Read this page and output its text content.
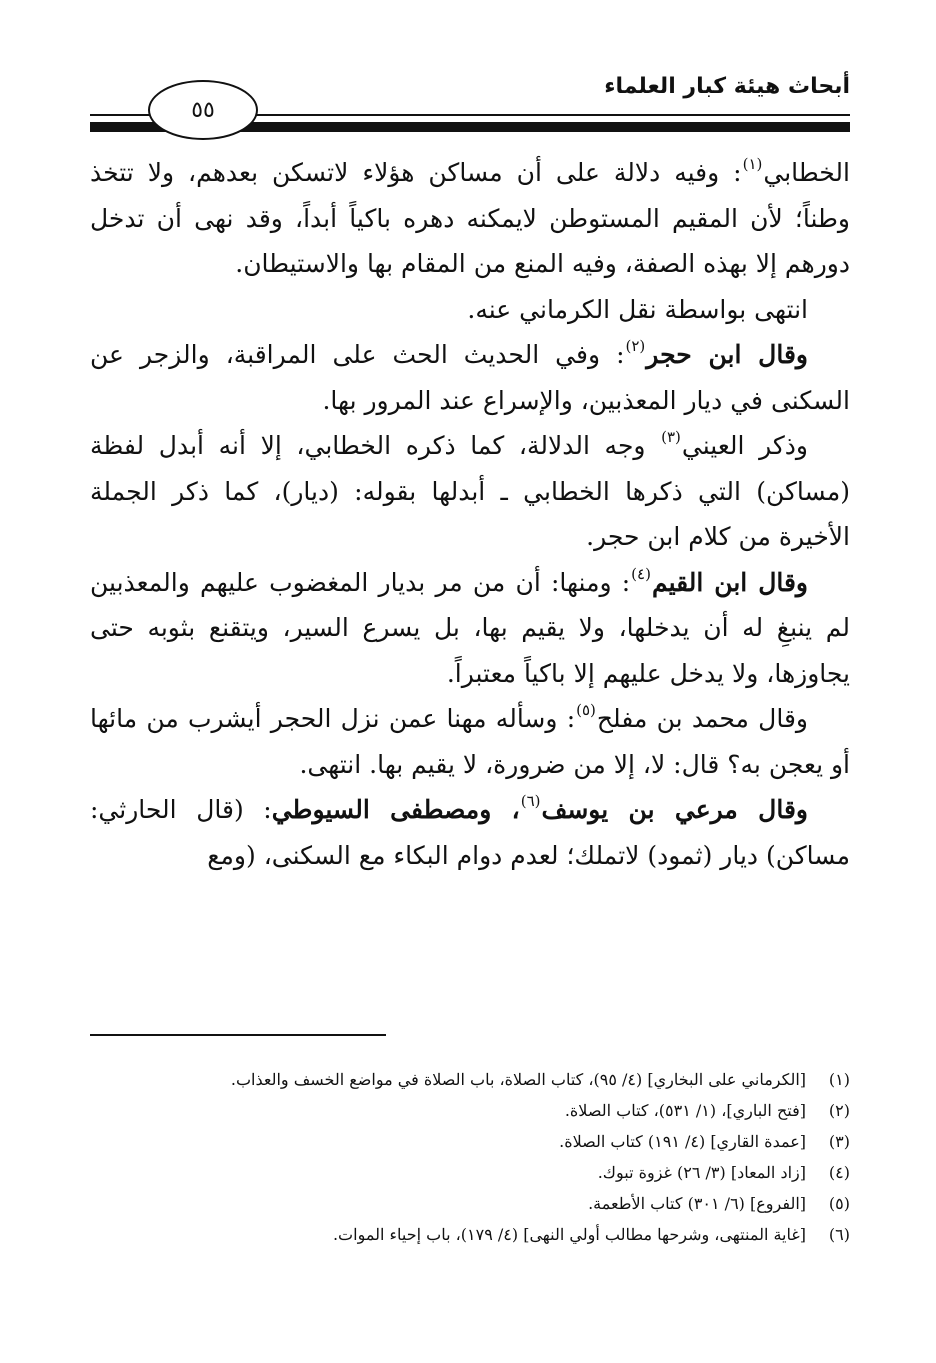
أبحاث هيئة كبار العلماء
٥٥

الخطابي$^{(١)}$: وفيه دلالة على أن مساكن هؤلاء لاتسكن بعدهم، ولا تتخذ وطناً؛ لأن المقيم المستوطن لايمكنه دهره باكياً أبداً، وقد نهى أن تدخل دورهم إلا بهذه الصفة، وفيه المنع من المقام بها والاستيطان.

انتهى بواسطة نقل الكرماني عنه.

وقال ابن حجر$^{(٢)}$: وفي الحديث الحث على المراقبة، والزجر عن السكنى في ديار المعذبين، والإسراع عند المرور بها.

وذكر العيني$^{(٣)}$ وجه الدلالة، كما ذكره الخطابي، إلا أنه أبدل لفظة (مساكن) التي ذكرها الخطابي ـ أبدلها بقوله: (ديار)، كما ذكر الجملة الأخيرة من كلام ابن حجر.

وقال ابن القيم$^{(٤)}$: ومنها: أن من مر بديار المغضوب عليهم والمعذبين لم ينبغِ له أن يدخلها، ولا يقيم بها، بل يسرع السير، ويتقنع بثوبه حتى يجاوزها، ولا يدخل عليهم إلا باكياً معتبراً.

وقال محمد بن مفلح$^{(٥)}$: وسأله مهنا عمن نزل الحجر أيشرب من مائها أو يعجن به؟ قال: لا، إلا من ضرورة، لا يقيم بها. انتهى.

وقال مرعي بن يوسف$^{(٦)}$، ومصطفى السيوطي: (قال الحارثي: مساكن) ديار (ثمود) لاتملك؛ لعدم دوام البكاء مع السكنى، (ومع

(١)
[الكرماني على البخاري] (٤/ ٩٥)، كتاب الصلاة، باب الصلاة في مواضع الخسف والعذاب.
(٢)
[فتح الباري]، (١/ ٥٣١)، كتاب الصلاة.
(٣)
[عمدة القاري] (٤/ ١٩١) كتاب الصلاة.
(٤)
[زاد المعاد] (٣/ ٢٦) غزوة تبوك.
(٥)
[الفروع] (٦/ ٣٠١) كتاب الأطعمة.
(٦)
[غاية المنتهى، وشرحها مطالب أولي النهى] (٤/ ١٧٩)، باب إحياء الموات.
